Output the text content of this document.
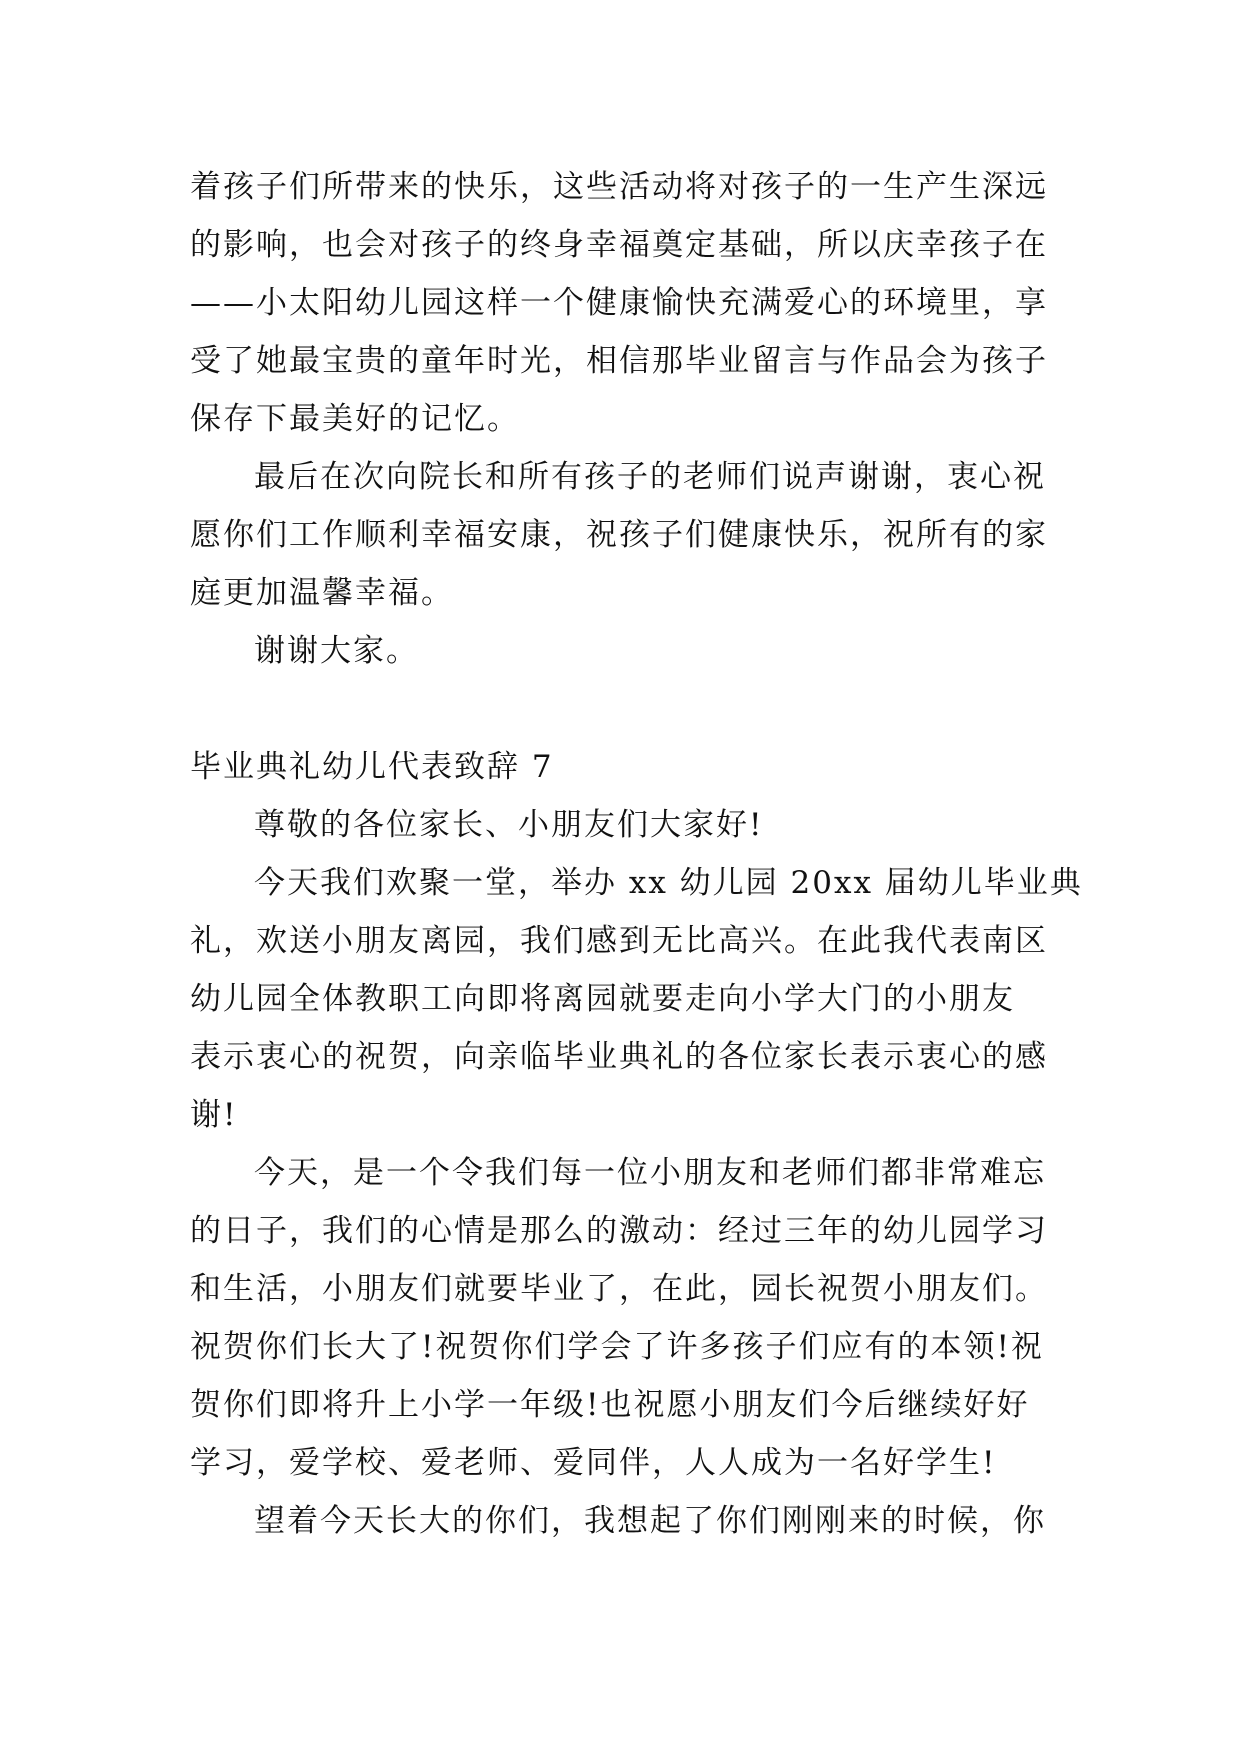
着孩子们所带来的快乐，这些活动将对孩子的一生产生深远
的影响，也会对孩子的终身幸福奠定基础，所以庆幸孩子在
——小太阳幼儿园这样一个健康愉快充满爱心的环境里，享
受了她最宝贵的童年时光，相信那毕业留言与作品会为孩子
保存下最美好的记忆。
最后在次向院长和所有孩子的老师们说声谢谢，衷心祝
愿你们工作顺利幸福安康，祝孩子们健康快乐，祝所有的家
庭更加温馨幸福。
谢谢大家。
毕业典礼幼儿代表致辞 7
尊敬的各位家长、小朋友们大家好!
今天我们欢聚一堂，举办 xx 幼儿园 20xx 届幼儿毕业典
礼，欢送小朋友离园，我们感到无比高兴。在此我代表南区
幼儿园全体教职工向即将离园就要走向小学大门的小朋友
表示衷心的祝贺，向亲临毕业典礼的各位家长表示衷心的感
谢!
今天，是一个令我们每一位小朋友和老师们都非常难忘
的日子，我们的心情是那么的激动：经过三年的幼儿园学习
和生活，小朋友们就要毕业了，在此，园长祝贺小朋友们。
祝贺你们长大了!祝贺你们学会了许多孩子们应有的本领!祝
贺你们即将升上小学一年级!也祝愿小朋友们今后继续好好
学习，爱学校、爱老师、爱同伴，人人成为一名好学生!
望着今天长大的你们，我想起了你们刚刚来的时候，你
